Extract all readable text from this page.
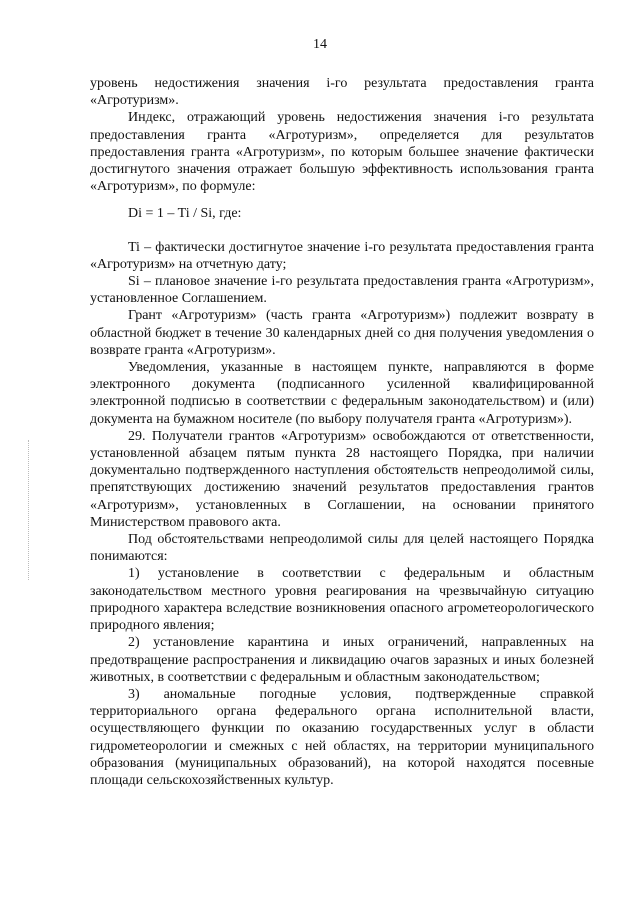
14

уровень недостижения значения i-го результата предоставления гранта «Агротуризм».

Индекс, отражающий уровень недостижения значения i-го результата предоставления гранта «Агротуризм», определяется для результатов предоставления гранта «Агротуризм», по которым большее значение фактически достигнутого значения отражает большую эффективность использования гранта «Агротуризм», по формуле:

Di = 1 – Ti / Si, где:

Ti – фактически достигнутое значение i-го результата предоставления гранта «Агротуризм» на отчетную дату;

Si – плановое значение i-го результата предоставления гранта «Агротуризм», установленное Соглашением.

Грант «Агротуризм» (часть гранта «Агротуризм») подлежит возврату в областной бюджет в течение 30 календарных дней со дня получения уведомления о возврате гранта «Агротуризм».

Уведомления, указанные в настоящем пункте, направляются в форме электронного документа (подписанного усиленной квалифицированной электронной подписью в соответствии с федеральным законодательством) и (или) документа на бумажном носителе (по выбору получателя гранта «Агротуризм»).

29. Получатели грантов «Агротуризм» освобождаются от ответственности, установленной абзацем пятым пункта 28 настоящего Порядка, при наличии документально подтвержденного наступления обстоятельств непреодолимой силы, препятствующих достижению значений результатов предоставления грантов «Агротуризм», установленных в Соглашении, на основании принятого Министерством правового акта.

Под обстоятельствами непреодолимой силы для целей настоящего Порядка понимаются:

1) установление в соответствии с федеральным и областным законодательством местного уровня реагирования на чрезвычайную ситуацию природного характера вследствие возникновения опасного агрометеорологического природного явления;

2) установление карантина и иных ограничений, направленных на предотвращение распространения и ликвидацию очагов заразных и иных болезней животных, в соответствии с федеральным и областным законодательством;

3) аномальные погодные условия, подтвержденные справкой территориального органа федерального органа исполнительной власти, осуществляющего функции по оказанию государственных услуг в области гидрометеорологии и смежных с ней областях, на территории муниципального образования (муниципальных образований), на которой находятся посевные площади сельскохозяйственных культур.
